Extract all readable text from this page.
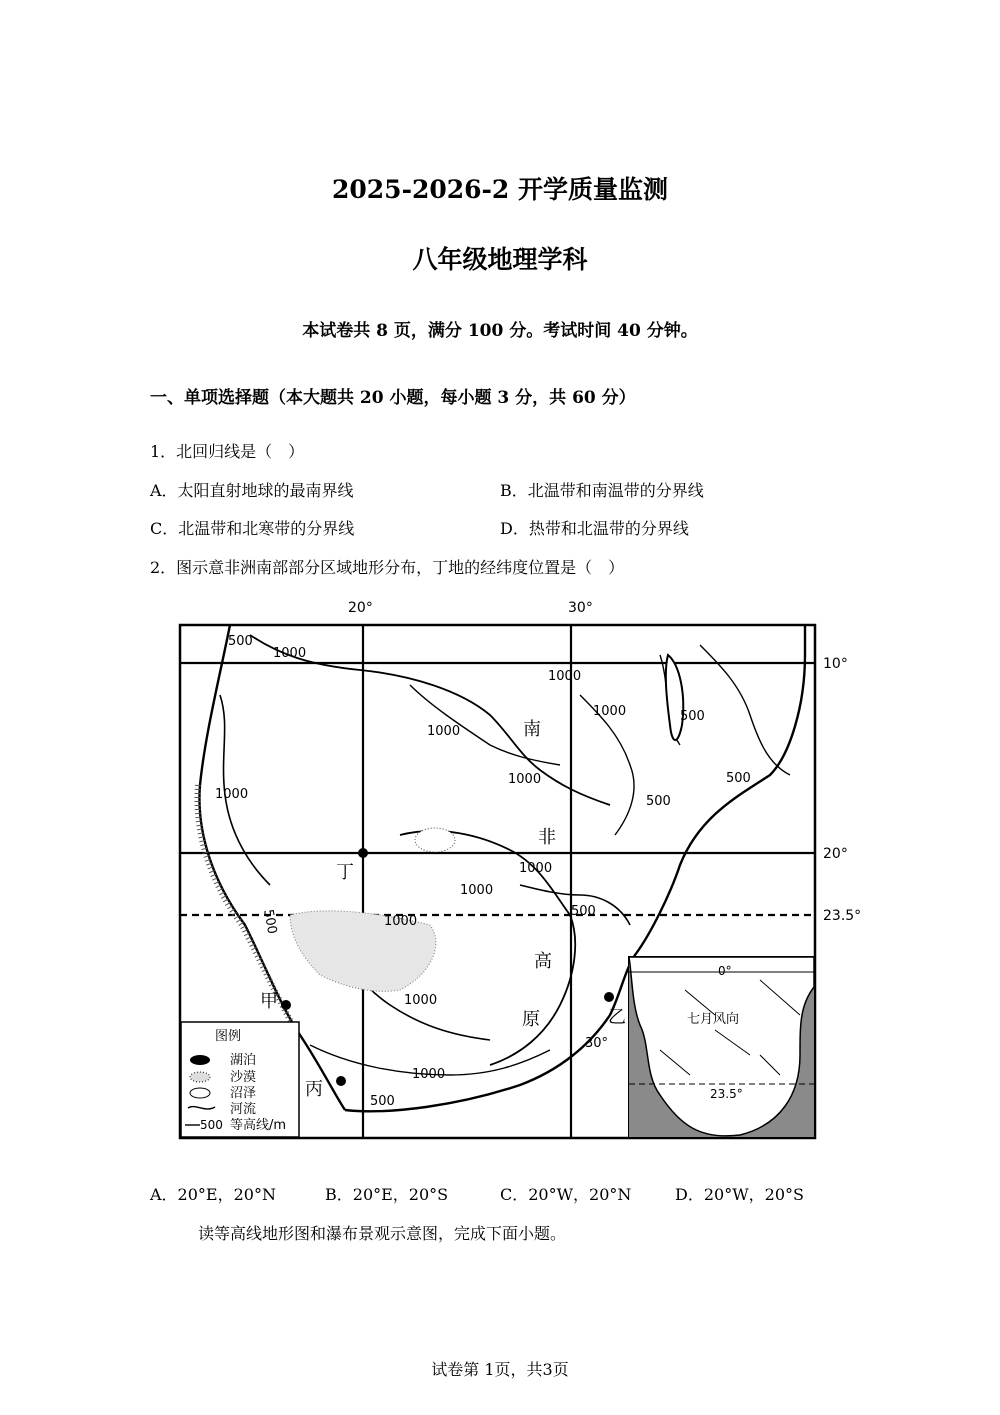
2025-2026-2 开学质量监测
八年级地理学科
本试卷共 8 页，满分 100 分。考试时间 40 分钟。
一、单项选择题（本大题共 20 小题，每小题 3 分，共 60 分）
1．北回归线是（　）
A．太阳直射地球的最南界线	B．北温带和南温带的分界线
C．北温带和北寒带的分界线	D．热带和北温带的分界线
2．图示意非洲南部部分区域地形分布，丁地的经纬度位置是（　）
500
1000
1000
1000
1000
1000
1000
500
500
500
1000
500
1000
1000
1000
500
1000
500
20°	30°
10°
20°
23.5°
30°
南
非
高
原
丁
甲
乙
丙
图例
湖泊
沙漠
沼泽
河流
500 等高线/m
0°
23.5°
七月风向
A．20°E，20°N	B．20°E，20°S	C．20°W，20°N	D．20°W，20°S
读等高线地形图和瀑布景观示意图，完成下面小题。
试卷第 1页，共3页
